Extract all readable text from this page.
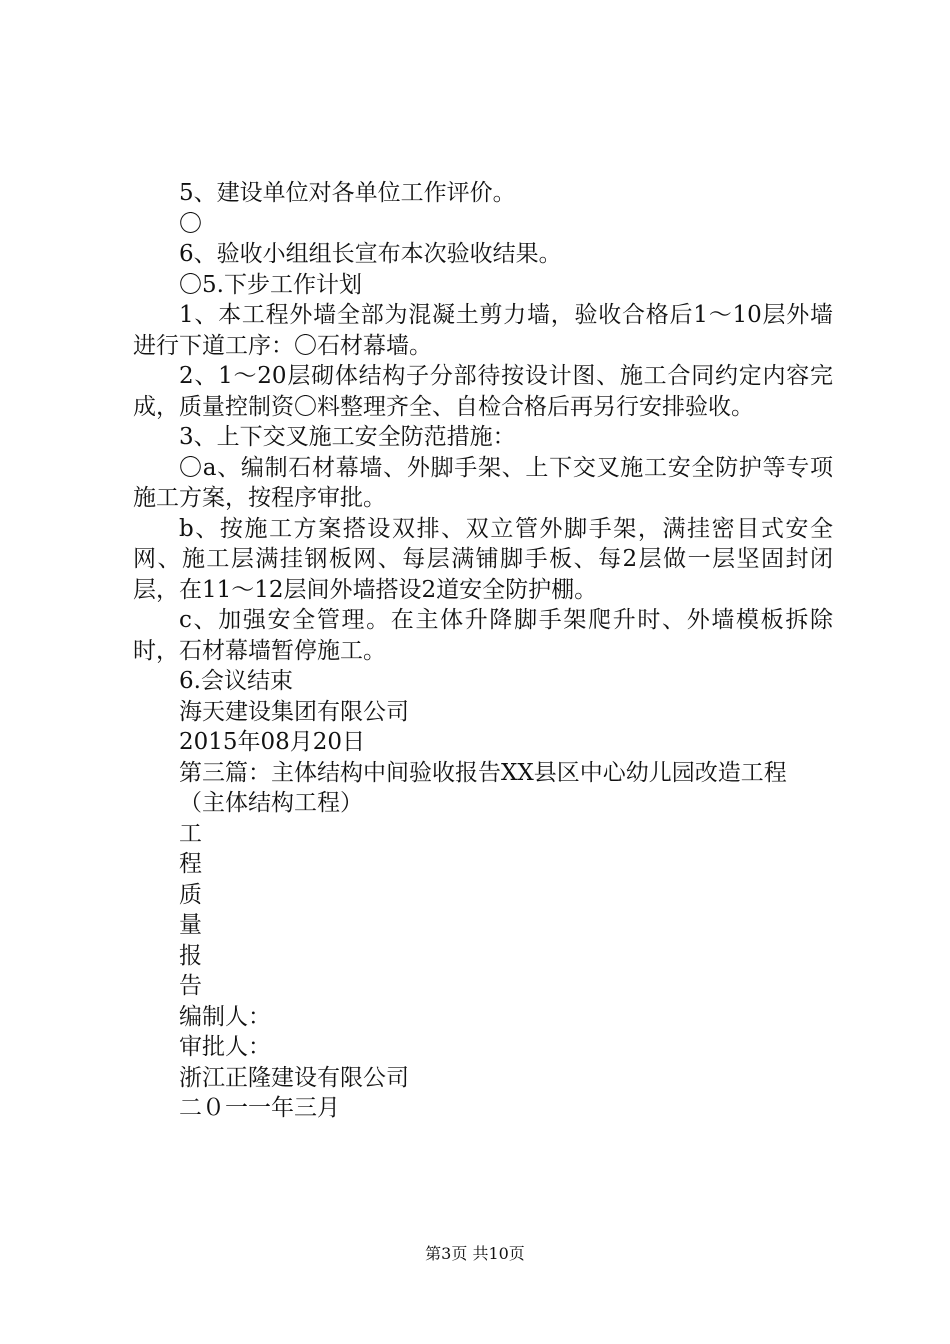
5、建设单位对各单位工作评价。

〇

6、验收小组组长宣布本次验收结果。

〇5.下步工作计划

1、本工程外墙全部为混凝土剪力墙，验收合格后1～10层外墙进行下道工序：〇石材幕墙。

2、1～20层砌体结构子分部待按设计图、施工合同约定内容完成，质量控制资〇料整理齐全、自检合格后再另行安排验收。

3、上下交叉施工安全防范措施：

〇a、编制石材幕墙、外脚手架、上下交叉施工安全防护等专项施工方案，按程序审批。

b、按施工方案搭设双排、双立管外脚手架，满挂密目式安全网、施工层满挂钢板网、每层满铺脚手板、每2层做一层坚固封闭层，在11～12层间外墙搭设2道安全防护棚。

c、加强安全管理。在主体升降脚手架爬升时、外墙模板拆除时，石材幕墙暂停施工。

6.会议结束

海天建设集团有限公司

2015年08月20日

第三篇：主体结构中间验收报告XX县区中心幼儿园改造工程

（主体结构工程）

工

程

质

量

报

告

编制人：

审批人：

浙江正隆建设有限公司

二０一一年三月

第3页 共10页
